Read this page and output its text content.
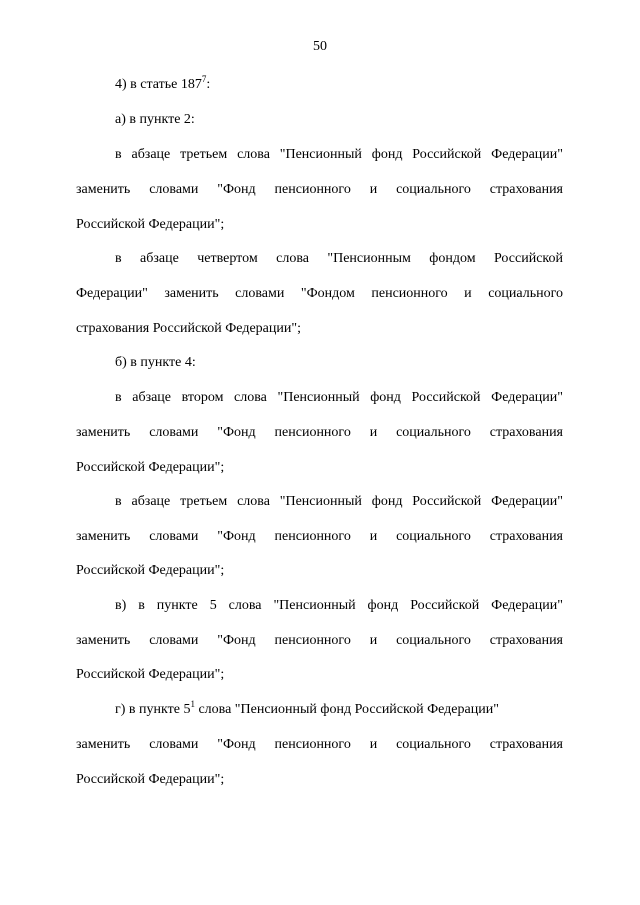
50
4) в статье $187^7$:
а) в пункте 2:
в абзаце третьем слова "Пенсионный фонд Российской Федерации"
заменить словами "Фонд пенсионного и социального страхования
Российской Федерации";
в абзаце четвертом слова "Пенсионным фондом Российской
Федерации" заменить словами "Фондом пенсионного и социального
страхования Российской Федерации";
б) в пункте 4:
в абзаце втором слова "Пенсионный фонд Российской Федерации"
заменить словами "Фонд пенсионного и социального страхования
Российской Федерации";
в абзаце третьем слова "Пенсионный фонд Российской Федерации"
заменить словами "Фонд пенсионного и социального страхования
Российской Федерации";
в) в пункте 5 слова "Пенсионный фонд Российской Федерации"
заменить словами "Фонд пенсионного и социального страхования
Российской Федерации";
г) в пункте $5^1$ слова "Пенсионный фонд Российской Федерации"
заменить словами "Фонд пенсионного и социального страхования
Российской Федерации";
